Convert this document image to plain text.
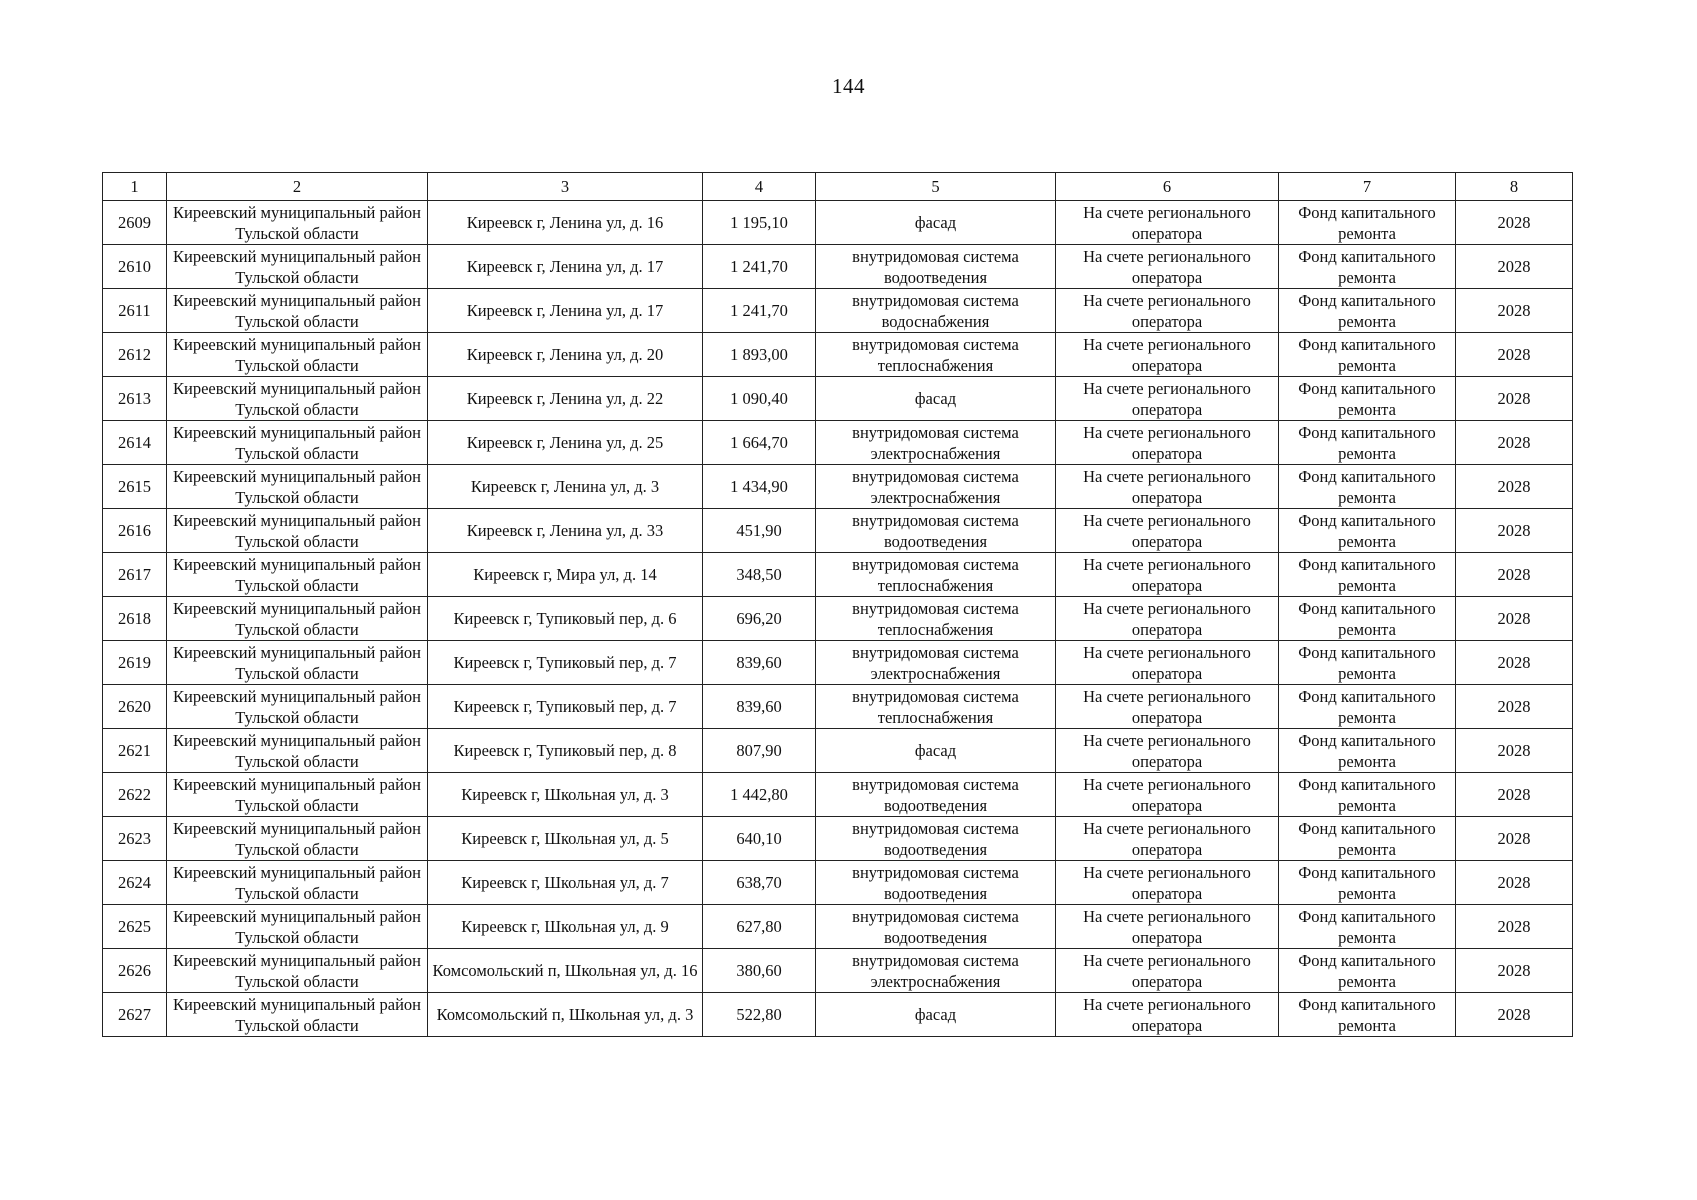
144
1	2	3	4	5	6	7	8
2609	Киреевский муниципальный район Тульской области	Киреевск г, Ленина ул, д. 16	1 195,10	фасад	На счете регионального оператора	Фонд капитального ремонта	2028
2610	Киреевский муниципальный район Тульской области	Киреевск г, Ленина ул, д. 17	1 241,70	внутридомовая система водоотведения	На счете регионального оператора	Фонд капитального ремонта	2028
2611	Киреевский муниципальный район Тульской области	Киреевск г, Ленина ул, д. 17	1 241,70	внутридомовая система водоснабжения	На счете регионального оператора	Фонд капитального ремонта	2028
2612	Киреевский муниципальный район Тульской области	Киреевск г, Ленина ул, д. 20	1 893,00	внутридомовая система теплоснабжения	На счете регионального оператора	Фонд капитального ремонта	2028
2613	Киреевский муниципальный район Тульской области	Киреевск г, Ленина ул, д. 22	1 090,40	фасад	На счете регионального оператора	Фонд капитального ремонта	2028
2614	Киреевский муниципальный район Тульской области	Киреевск г, Ленина ул, д. 25	1 664,70	внутридомовая система электроснабжения	На счете регионального оператора	Фонд капитального ремонта	2028
2615	Киреевский муниципальный район Тульской области	Киреевск г, Ленина ул, д. 3	1 434,90	внутридомовая система электроснабжения	На счете регионального оператора	Фонд капитального ремонта	2028
2616	Киреевский муниципальный район Тульской области	Киреевск г, Ленина ул, д. 33	451,90	внутридомовая система водоотведения	На счете регионального оператора	Фонд капитального ремонта	2028
2617	Киреевский муниципальный район Тульской области	Киреевск г, Мира ул, д. 14	348,50	внутридомовая система теплоснабжения	На счете регионального оператора	Фонд капитального ремонта	2028
2618	Киреевский муниципальный район Тульской области	Киреевск г, Тупиковый пер, д. 6	696,20	внутридомовая система теплоснабжения	На счете регионального оператора	Фонд капитального ремонта	2028
2619	Киреевский муниципальный район Тульской области	Киреевск г, Тупиковый пер, д. 7	839,60	внутридомовая система электроснабжения	На счете регионального оператора	Фонд капитального ремонта	2028
2620	Киреевский муниципальный район Тульской области	Киреевск г, Тупиковый пер, д. 7	839,60	внутридомовая система теплоснабжения	На счете регионального оператора	Фонд капитального ремонта	2028
2621	Киреевский муниципальный район Тульской области	Киреевск г, Тупиковый пер, д. 8	807,90	фасад	На счете регионального оператора	Фонд капитального ремонта	2028
2622	Киреевский муниципальный район Тульской области	Киреевск г, Школьная ул, д. 3	1 442,80	внутридомовая система водоотведения	На счете регионального оператора	Фонд капитального ремонта	2028
2623	Киреевский муниципальный район Тульской области	Киреевск г, Школьная ул, д. 5	640,10	внутридомовая система водоотведения	На счете регионального оператора	Фонд капитального ремонта	2028
2624	Киреевский муниципальный район Тульской области	Киреевск г, Школьная ул, д. 7	638,70	внутридомовая система водоотведения	На счете регионального оператора	Фонд капитального ремонта	2028
2625	Киреевский муниципальный район Тульской области	Киреевск г, Школьная ул, д. 9	627,80	внутридомовая система водоотведения	На счете регионального оператора	Фонд капитального ремонта	2028
2626	Киреевский муниципальный район Тульской области	Комсомольский п, Школьная ул, д. 16	380,60	внутридомовая система электроснабжения	На счете регионального оператора	Фонд капитального ремонта	2028
2627	Киреевский муниципальный район Тульской области	Комсомольский п, Школьная ул, д. 3	522,80	фасад	На счете регионального оператора	Фонд капитального ремонта	2028
